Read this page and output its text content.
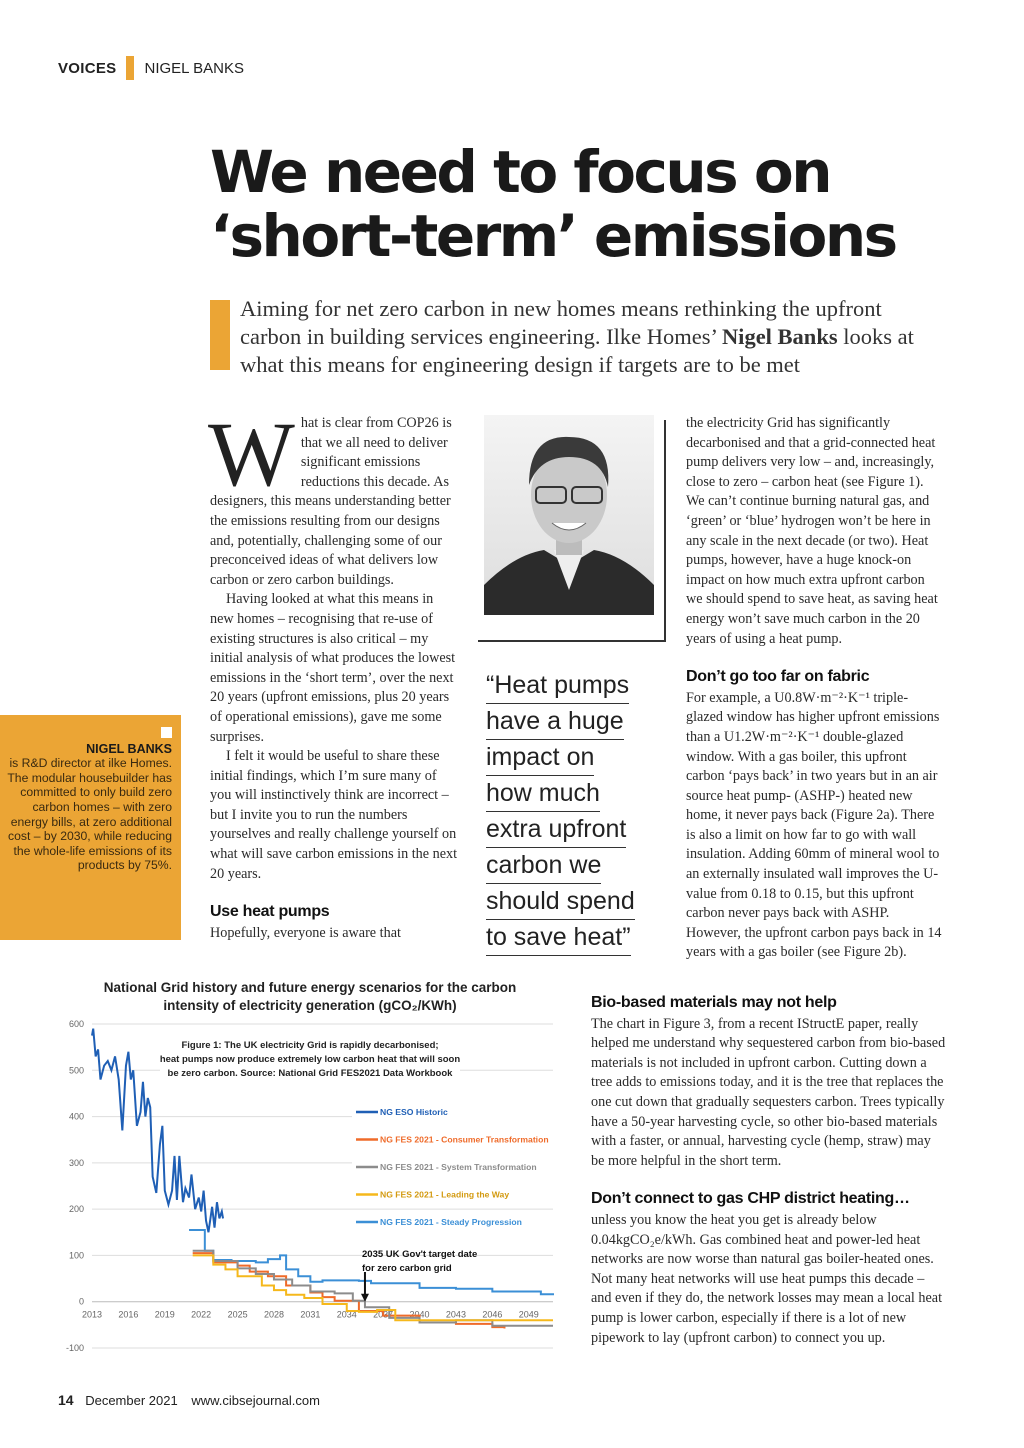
VOICES NIGEL BANKS
We need to focus on ‘short-term’ emissions
Aiming for net zero carbon in new homes means rethinking the upfront carbon in building services engineering. Ilke Homes’ Nigel Banks looks at what this means for engineering design if targets are to be met

What is clear from COP26 is that we all need to deliver significant emissions reductions this decade. As designers, this means understanding better the emissions resulting from our designs and, potentially, challenging some of our preconceived ideas of what delivers low carbon or zero carbon buildings.

Having looked at what this means in new homes – recognising that re-use of existing structures is also critical – my initial analysis of what produces the lowest emissions in the ‘short term’, over the next 20 years (upfront emissions, plus 20 years of operational emissions), gave me some surprises.

I felt it would be useful to share these initial findings, which I’m sure many of you will instinctively think are incorrect – but I invite you to run the numbers yourselves and really challenge yourself on what will save carbon emissions in the next 20 years.

Use heat pumps

Hopefully, everyone is aware that

NIGEL BANKS
is R&D director at ilke Homes. The modular housebuilder has committed to only build zero carbon homes – with zero energy bills, at zero additional cost – by 2030, while reducing the whole-life emissions of its products by 75%.
“Heat pumps have a huge impact on how much extra upfront carbon we should spend to save heat”

the electricity Grid has significantly decarbonised and that a grid-connected heat pump delivers very low – and, increasingly, close to zero – carbon heat (see Figure 1). We can’t continue burning natural gas, and ‘green’ or ‘blue’ hydrogen won’t be here in any scale in the next decade (or two). Heat pumps, however, have a huge knock-on impact on how much extra upfront carbon we should spend to save heat, as saving heat energy won’t save much carbon in the 20 years of using a heat pump.

Don’t go too far on fabric

For example, a U0.8W·m⁻²·K⁻¹ triple-glazed window has higher upfront emissions than a U1.2W·m⁻²·K⁻¹ double-glazed window. With a gas boiler, this upfront carbon ‘pays back’ in two years but in an air source heat pump- (ASHP-) heated new home, it never pays back (Figure 2a). There is also a limit on how far to go with wall insulation. Adding 60mm of mineral wool to an externally insulated wall improves the U-value from 0.18 to 0.15, but this upfront carbon never pays back with ASHP. However, the upfront carbon pays back in 14 years with a gas boiler (see Figure 2b).

Bio-based materials may not help

The chart in Figure 3, from a recent IStructE paper, really helped me understand why sequestered carbon from bio-based materials is not included in upfront carbon. Cutting down a tree adds to emissions today, and it is the tree that replaces the one cut down that gradually sequesters carbon. Trees typically have a 50-year harvesting cycle, so other bio-based materials with a faster, or annual, harvesting cycle (hemp, straw) may be more helpful in the short term.

Don’t connect to gas CHP district heating…

unless you know the heat you get is already below 0.04kgCO₂e/kWh. Gas combined heat and power-led heat networks are now worse than natural gas boiler-heated ones. Not many heat networks will use heat pumps this decade – and even if they do, the network losses may mean a local heat pump is lower carbon, especially if there is a lot of new pipework to lay (upfront carbon) to connect you up.

National Grid history and future energy scenarios for the carbon
intensity of electricity generation (gCO₂/KWh)
600
500
400
300
200
100
0
-100
2013 2016 2019 2022 2025 2028 2031 2034 2037 2040 2043 2046 2049
Figure 1: The UK electricity Grid is rapidly decarbonised;
heat pumps now produce extremely low carbon heat that will soon
be zero carbon. Source: National Grid FES2021 Data Workbook
2035 UK Gov't target date
for zero carbon grid
NG ESO Historic
NG FES 2021 - Consumer Transformation
NG FES 2021 - System Transformation
NG FES 2021 - Leading the Way
NG FES 2021 - Steady Progression
14 December 2021 www.cibsejournal.com
